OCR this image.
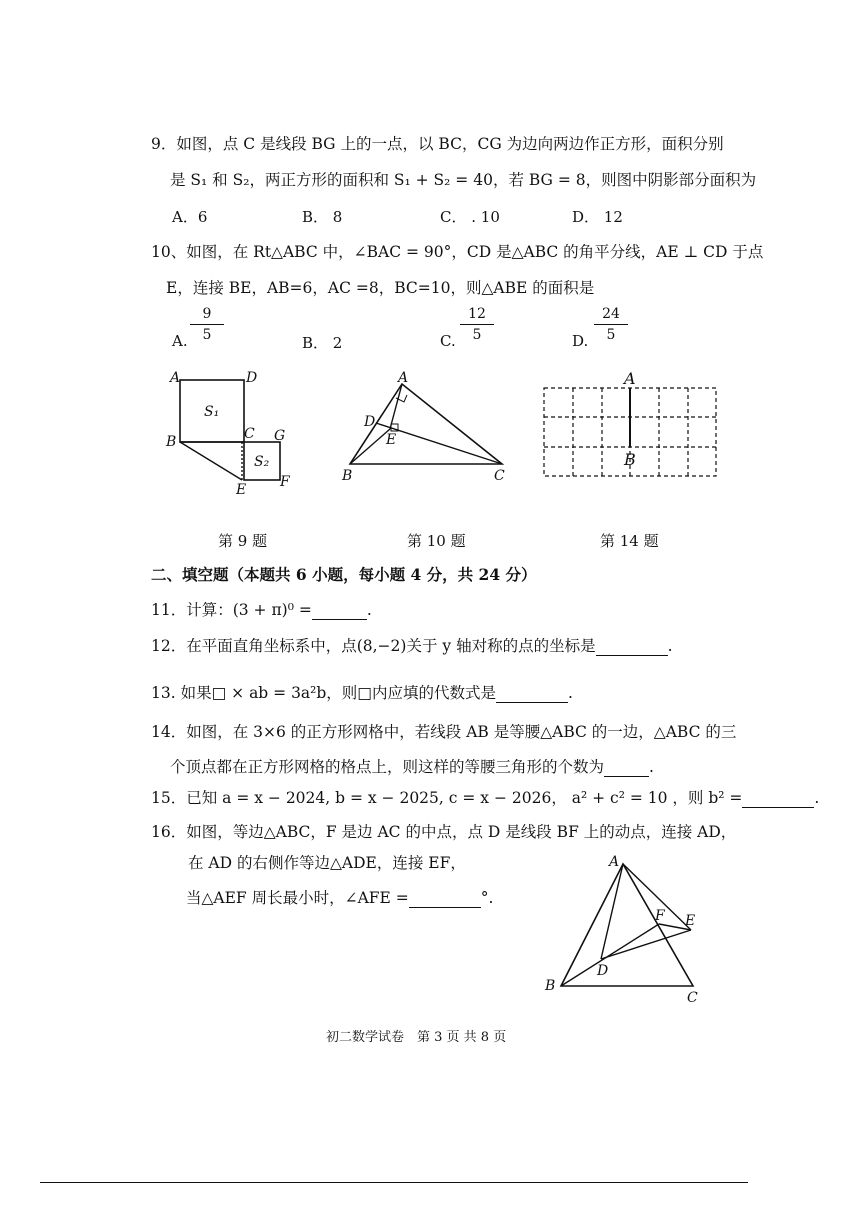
9．如图，点 C 是线段 BG 上的一点，以 BC，CG 为边向两边作正方形，面积分别
是 S₁ 和 S₂，两正方形的面积和 S₁ + S₂ = 40，若 BG = 8，则图中阴影部分面积为
A．6	B． 8	C． . 10	D． 12
10、如图，在 Rt△ABC 中，∠BAC = 90°，CD 是△ABC 的角平分线，AE ⊥ CD 于点
E，连接 BE，AB=6，AC =8，BC=10，则△ABE 的面积是
A.
9
5	B． 2	C.
12
5	D.
24
5
A	D
B	C G
E F
S₁
S₂
A
D
E
B	C
A
B
第 9 题	第 10 题	第 14 题
二、填空题（本题共 6 小题，每小题 4 分，共 24 分）
11．计算：(3 + π)⁰ =	.
12．在平面直角坐标系中，点(8,−2)关于 y 轴对称的点的坐标是	.
13. 如果□ × ab = 3a²b，则□内应填的代数式是	.
14．如图，在 3×6 的正方形网格中，若线段 AB 是等腰△ABC 的一边，△ABC 的三
个顶点都在正方形网格的格点上，则这样的等腰三角形的个数为	.
15．已知 a = x − 2024, b = x − 2025, c = x − 2026， a² + c² = 10 ，则 b² =	.
16．如图，等边△ABC，F 是边 AC 的中点，点 D 是线段 BF 上的动点，连接 AD，
在 AD 的右侧作等边△ADE，连接 EF，
当△AEF 周长最小时，∠AFE =	°.
A
F E
D
B
C
初二数学试卷　第 3 页 共 8 页
